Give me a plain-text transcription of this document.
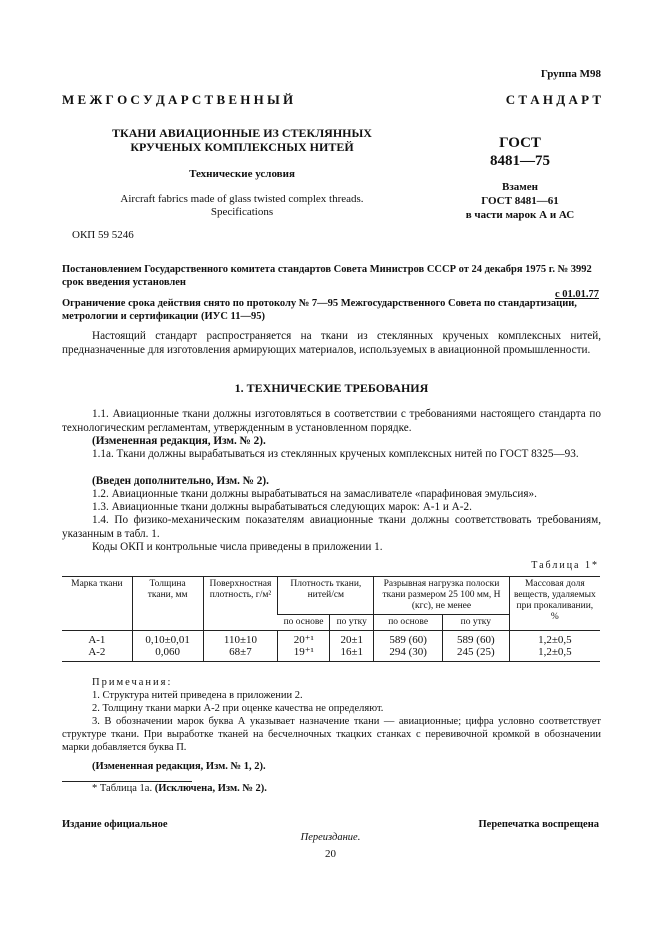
Группа М98
М Е Ж Г О С У Д А Р С Т В Е Н Н Ы Й	С Т А Н Д А Р Т
ТКАНИ АВИАЦИОННЫЕ ИЗ СТЕКЛЯННЫХ
КРУЧЕНЫХ КОМПЛЕКСНЫХ НИТЕЙ
Технические условия
Aircraft fabrics made of glass twisted complex threads.
Specifications
ОКП 59 5246
ГОСТ
8481—75
Взамен
ГОСТ 8481—61
в части марок А и АС
Постановлением Государственного комитета стандартов Совета Министров СССР от 24 декабря 1975 г. № 3992 срок введения установлен
с 01.01.77
Ограничение срока действия снято по протоколу № 7—95 Межгосударственного Совета по стандартизации, метрологии и сертификации (ИУС 11—95)

Настоящий стандарт распространяется на ткани из стеклянных крученых комплексных нитей, предназначенные для изготовления армирующих материалов, используемых в авиационной промышленности.

1. ТЕХНИЧЕСКИЕ ТРЕБОВАНИЯ

1.1. Авиационные ткани должны изготовляться в соответствии с требованиями настоящего стандарта по технологическим регламентам, утвержденным в установленном порядке.

(Измененная редакция, Изм. № 2).

1.1а. Ткани должны вырабатываться из стеклянных крученых комплексных нитей по ГОСТ 8325—93.

(Введен дополнительно, Изм. № 2).

1.2. Авиационные ткани должны вырабатываться на замасливателе «парафиновая эмульсия».

1.3. Авиационные ткани должны вырабатываться следующих марок: А-1 и А-2.

1.4. По физико-механическим показателям авиационные ткани должны соответствовать требованиям, указанным в табл. 1.

Коды ОКП и контрольные числа приведены в приложении 1.

Таблица 1*
Марка ткани	Толщина ткани, мм	Поверхностная плотность, г/м²	Плотность ткани, нитей/см		Разрывная нагрузка полоски ткани размером 25 100 мм, Н (кгс), не менее		Массовая доля веществ, удаляемых при прокаливании, %
			по основе	по утку	по основе	по утку	
А-1	0,10±0,01	110±10	20⁺¹	20±1	589 (60)	589 (60)	1,2±0,5
А-2	0,060	68±7	19⁺¹	16±1	294 (30)	245 (25)	1,2±0,5
Примечания:

1. Структура нитей приведена в приложении 2.

2. Толщину ткани марки А-2 при оценке качества не определяют.

3. В обозначении марок буква А указывает назначение ткани — авиационные; цифра условно соответствует структуре ткани. При выработке тканей на бесчелночных ткацких станках с перевивочной кромкой в обозначении марки добавляется буква П.

(Измененная редакция, Изм. № 1, 2).

* Таблица 1а. (Исключена, Изм. № 2).
Издание официальное	Перепечатка воспрещена
Переиздание.
20
